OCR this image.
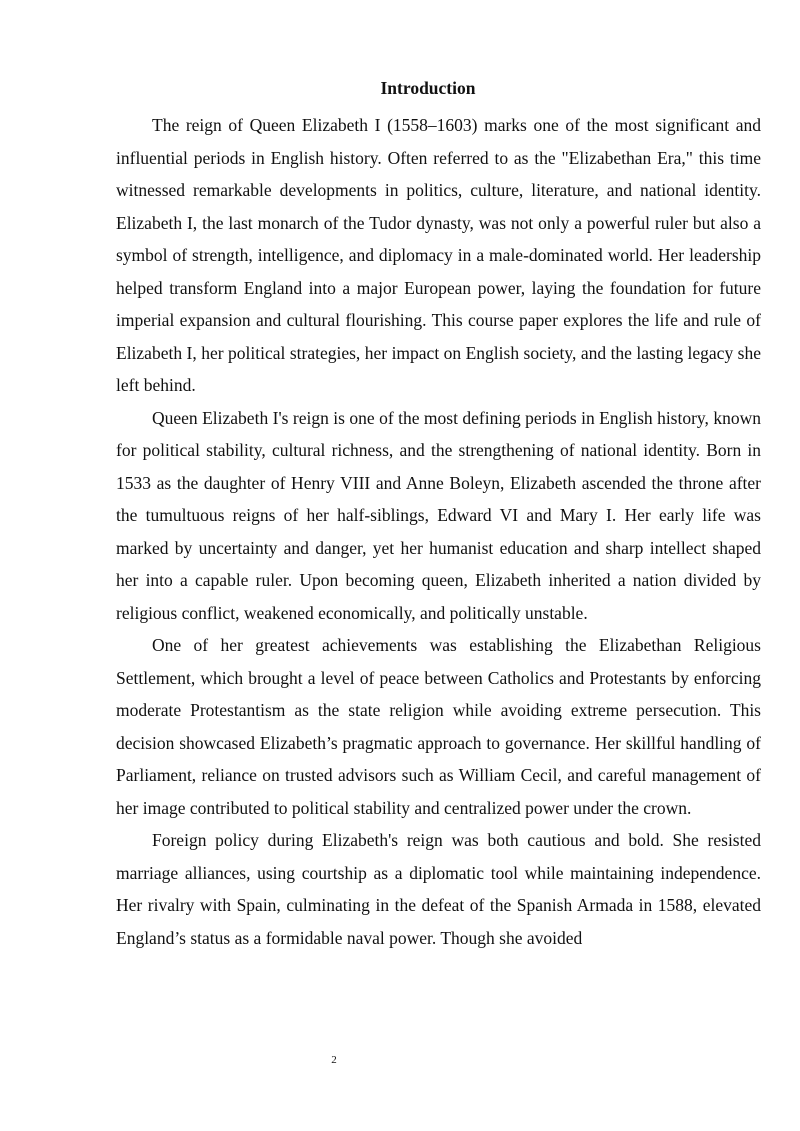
Introduction

The reign of Queen Elizabeth I (1558–1603) marks one of the most significant and influential periods in English history. Often referred to as the "Elizabethan Era," this time witnessed remarkable developments in politics, culture, literature, and national identity. Elizabeth I, the last monarch of the Tudor dynasty, was not only a powerful ruler but also a symbol of strength, intelligence, and diplomacy in a male-dominated world. Her leadership helped transform England into a major European power, laying the foundation for future imperial expansion and cultural flourishing. This course paper explores the life and rule of Elizabeth I, her political strategies, her impact on English society, and the lasting legacy she left behind.

Queen Elizabeth I's reign is one of the most defining periods in English history, known for political stability, cultural richness, and the strengthening of national identity. Born in 1533 as the daughter of Henry VIII and Anne Boleyn, Elizabeth ascended the throne after the tumultuous reigns of her half-siblings, Edward VI and Mary I. Her early life was marked by uncertainty and danger, yet her humanist education and sharp intellect shaped her into a capable ruler. Upon becoming queen, Elizabeth inherited a nation divided by religious conflict, weakened economically, and politically unstable.

One of her greatest achievements was establishing the Elizabethan Religious Settlement, which brought a level of peace between Catholics and Protestants by enforcing moderate Protestantism as the state religion while avoiding extreme persecution. This decision showcased Elizabeth’s pragmatic approach to governance. Her skillful handling of Parliament, reliance on trusted advisors such as William Cecil, and careful management of her image contributed to political stability and centralized power under the crown.

Foreign policy during Elizabeth's reign was both cautious and bold. She resisted marriage alliances, using courtship as a diplomatic tool while maintaining independence. Her rivalry with Spain, culminating in the defeat of the Spanish Armada in 1588, elevated England’s status as a formidable naval power. Though she avoided

2
